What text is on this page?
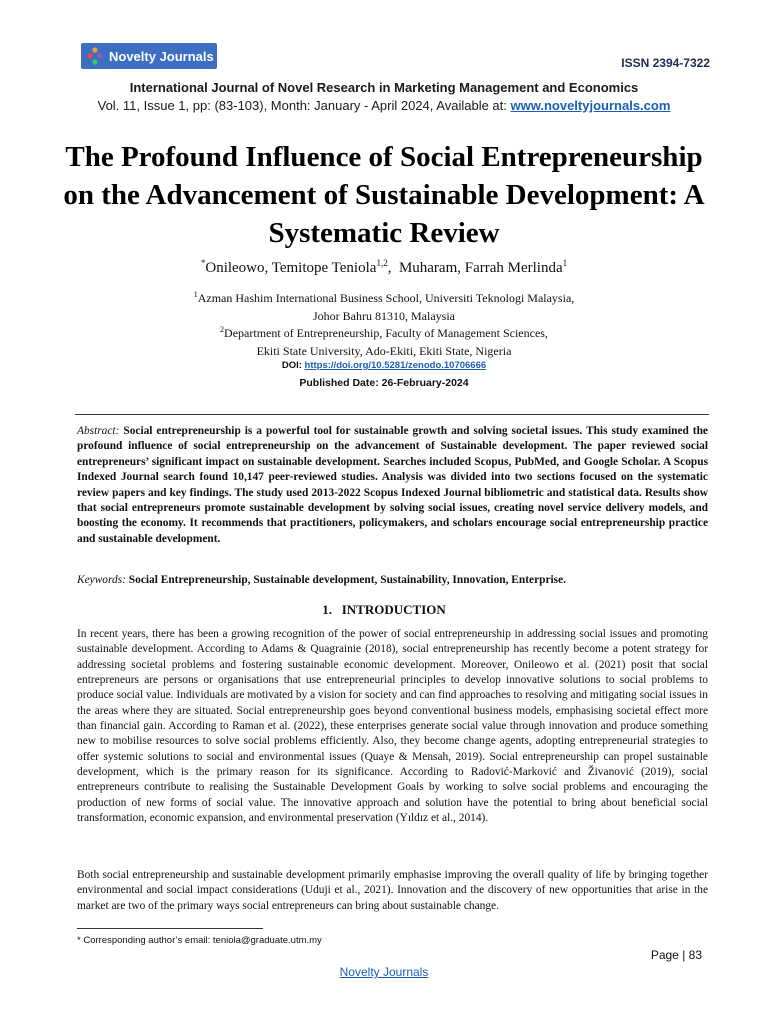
Novelty Journals	ISSN 2394-7322
International Journal of Novel Research in Marketing Management and Economics
Vol. 11, Issue 1, pp: (83-103), Month: January - April 2024, Available at: www.noveltyjournals.com
The Profound Influence of Social Entrepreneurship on the Advancement of Sustainable Development: A Systematic Review
*Onileowo, Temitope Teniola$^{1,2}$,  Muharam, Farrah Merlinda$^1$
$^1$Azman Hashim International Business School, Universiti Teknologi Malaysia,
Johor Bahru 81310, Malaysia
$^2$Department of Entrepreneurship, Faculty of Management Sciences,
Ekiti State University, Ado-Ekiti, Ekiti State, Nigeria
DOI: https://doi.org/10.5281/zenodo.10706666
Published Date: 26-February-2024
Abstract: Social entrepreneurship is a powerful tool for sustainable growth and solving societal issues. This study examined the profound influence of social entrepreneurship on the advancement of Sustainable development. The paper reviewed social entrepreneurs’ significant impact on sustainable development. Searches included Scopus, PubMed, and Google Scholar. A Scopus Indexed Journal search found 10,147 peer-reviewed studies. Analysis was divided into two sections focused on the systematic review papers and key findings. The study used 2013-2022 Scopus Indexed Journal bibliometric and statistical data. Results show that social entrepreneurs promote sustainable development by solving social issues, creating novel service delivery models, and boosting the economy. It recommends that practitioners, policymakers, and scholars encourage social entrepreneurship practice and sustainable development.
Keywords: Social Entrepreneurship, Sustainable development, Sustainability, Innovation, Enterprise.
1.   INTRODUCTION
In recent years, there has been a growing recognition of the power of social entrepreneurship in addressing social issues and promoting sustainable development. According to Adams & Quagrainie (2018), social entrepreneurship has recently become a potent strategy for addressing societal problems and fostering sustainable economic development. Moreover, Onileowo et al. (2021) posit that social entrepreneurs are persons or organisations that use entrepreneurial principles to develop innovative solutions to social problems to produce social value. Individuals are motivated by a vision for society and can find approaches to resolving and mitigating social issues in the areas where they are situated. Social entrepreneurship goes beyond conventional business models, emphasising societal effect more than financial gain. According to Raman et al. (2022), these enterprises generate social value through innovation and produce something new to mobilise resources to solve social problems efficiently. Also, they become change agents, adopting entrepreneurial strategies to offer systemic solutions to social and environmental issues (Quaye & Mensah, 2019). Social entrepreneurship can propel sustainable development, which is the primary reason for its significance. According to Radović-Marković and Živanović (2019), social entrepreneurs contribute to realising the Sustainable Development Goals by working to solve social problems and encouraging the production of new forms of social value. The innovative approach and solution have the potential to bring about beneficial social transformation, economic expansion, and environmental preservation (Yıldız et al., 2014).
Both social entrepreneurship and sustainable development primarily emphasise improving the overall quality of life by bringing together environmental and social impact considerations (Uduji et al., 2021). Innovation and the discovery of new opportunities that arise in the market are two of the primary ways social entrepreneurs can bring about sustainable change.
* Corresponding author’s email: teniola@graduate.utm.my
Page | 83
Novelty Journals
